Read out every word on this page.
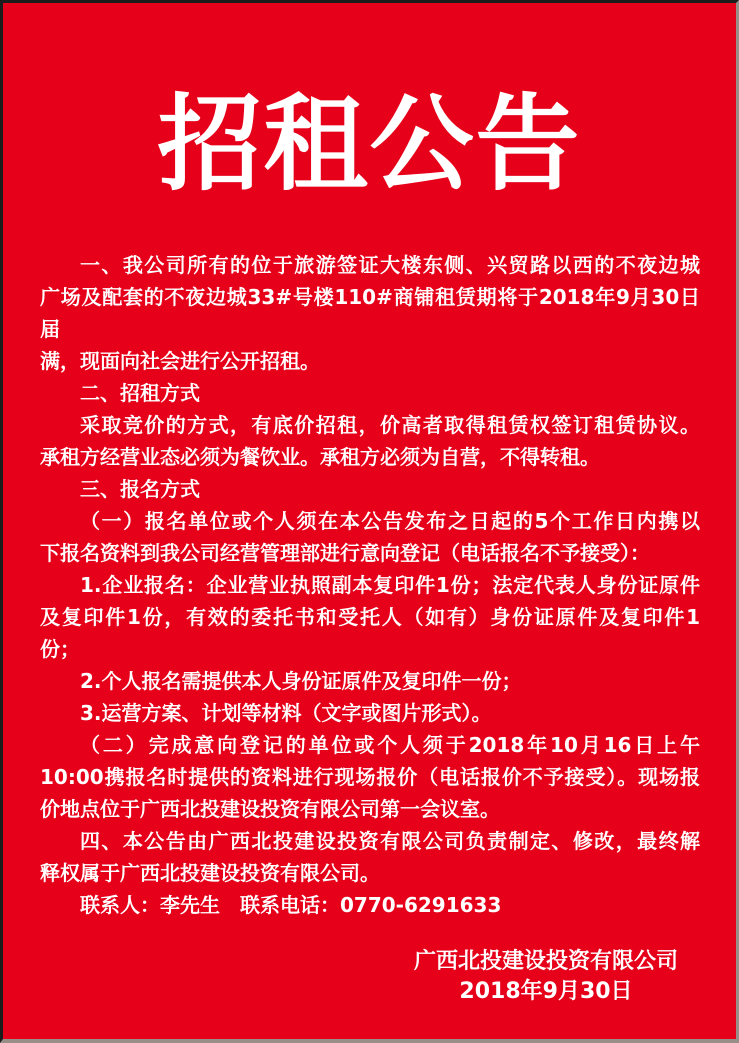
招租公告
一、我公司所有的位于旅游签证大楼东侧、兴贸路以西的不夜边城
广场及配套的不夜边城33#号楼110#商铺租赁期将于2018年9月30日届
满，现面向社会进行公开招租。
二、招租方式
采取竞价的方式，有底价招租，价高者取得租赁权签订租赁协议。
承租方经营业态必须为餐饮业。承租方必须为自营，不得转租。
三、报名方式
（一）报名单位或个人须在本公告发布之日起的5个工作日内携以
下报名资料到我公司经营管理部进行意向登记（电话报名不予接受）：
1.企业报名：企业营业执照副本复印件1份；法定代表人身份证原件
及复印件1份，有效的委托书和受托人（如有）身份证原件及复印件1
份；
2.个人报名需提供本人身份证原件及复印件一份；
3.运营方案、计划等材料（文字或图片形式）。
（二）完成意向登记的单位或个人须于2018年10月16日上午
10:00携报名时提供的资料进行现场报价（电话报价不予接受）。现场报
价地点位于广西北投建设投资有限公司第一会议室。
四、本公告由广西北投建设投资有限公司负责制定、修改，最终解
释权属于广西北投建设投资有限公司。
联系人：李先生　联系电话：0770-6291633
广西北投建设投资有限公司
2018年9月30日
